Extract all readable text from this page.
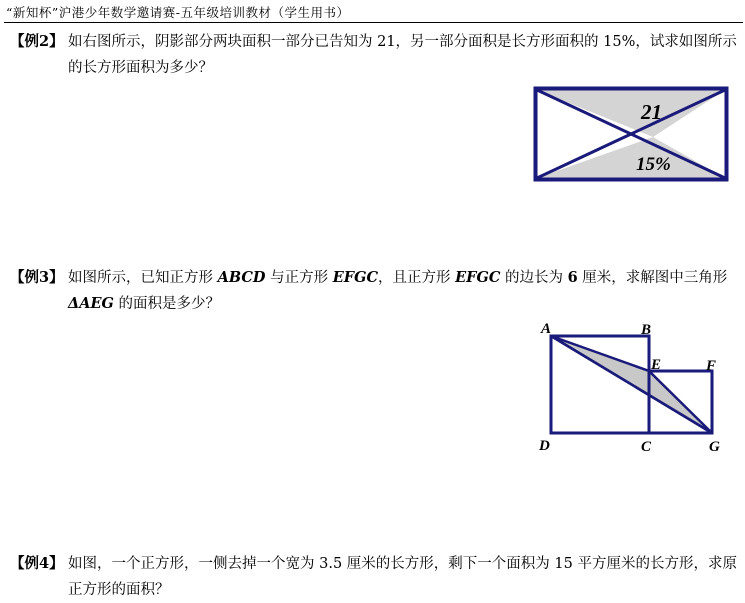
“新知杯”沪港少年数学邀请赛-五年级培训教材（学生用书）
【例2】 如右图所示，阴影部分两块面积一部分已告知为 21，另一部分面积是长方形面积的 15%，试求如图所示的长方形面积为多少？
21
15%
【例3】 如图所示，已知正方形 ABCD 与正方形 EFGC，且正方形 EFGC 的边长为 6 厘米，求解图中三角形 ΔAEG 的面积是多少？
A	B
E	F
D	C	G
【例4】 如图，一个正方形，一侧去掉一个宽为 3.5 厘米的长方形，剩下一个面积为 15 平方厘米的长方形，求原正方形的面积？
